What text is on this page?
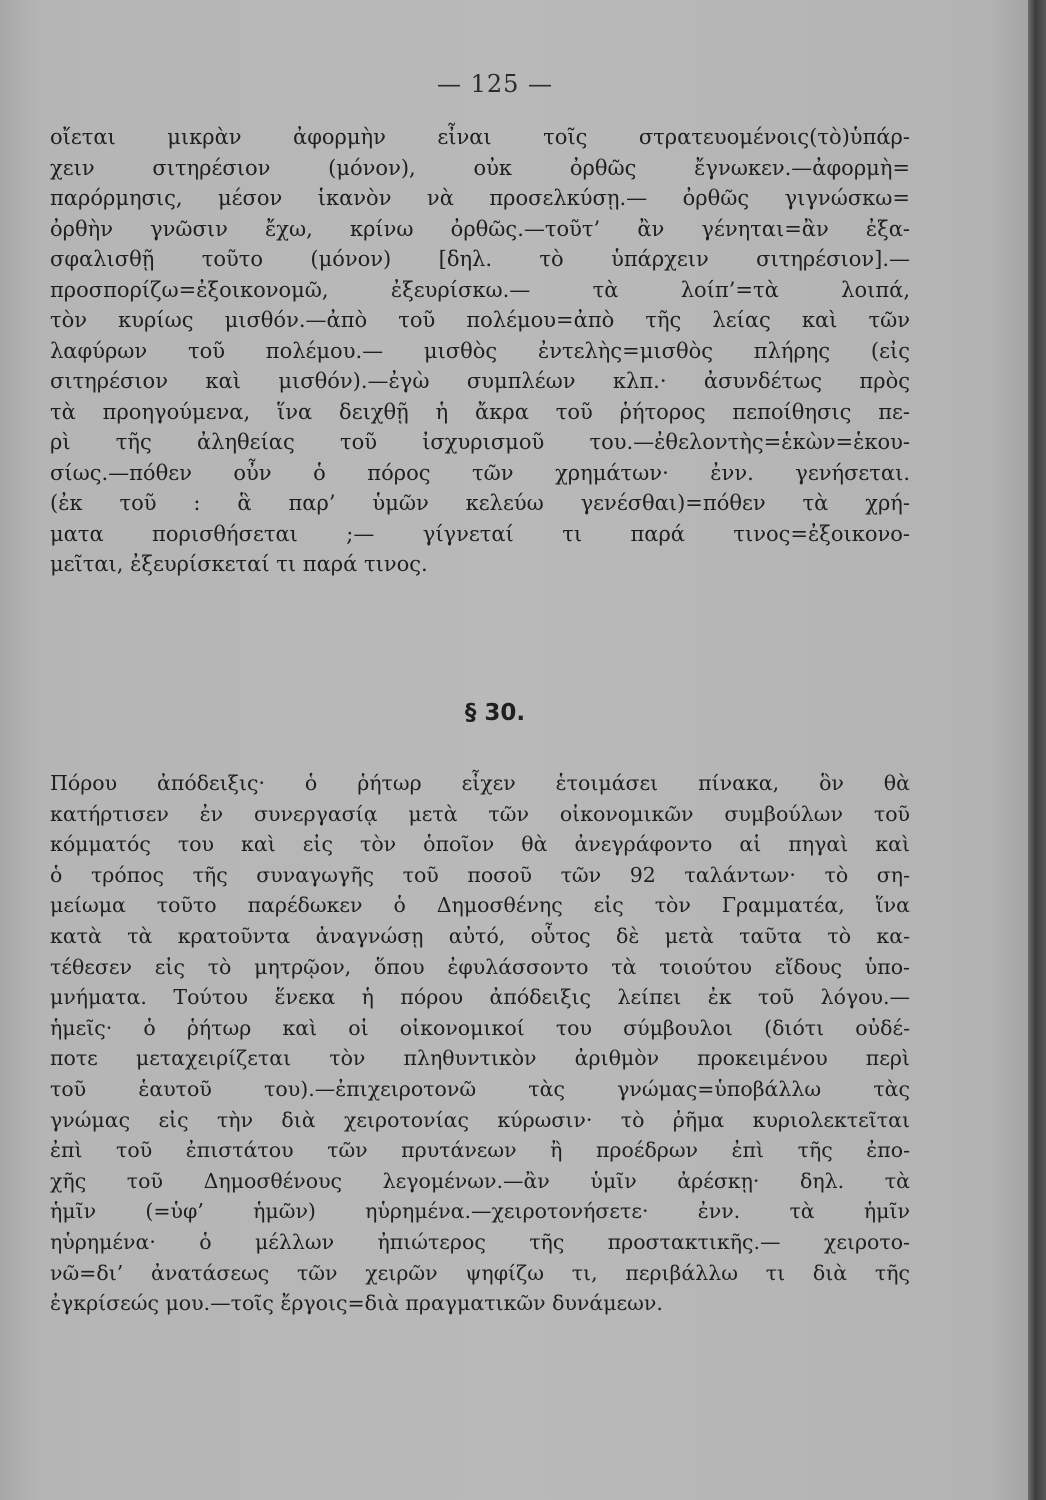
— 125 —
οἴεται μικρὰν ἀφορμὴν εἶναι τοῖς στρατευομένοις(τὸ)ὑπάρ-
χειν σιτηρέσιον (μόνον), οὐκ ὀρθῶς ἔγνωκεν.—ἀφορμὴ=
παρόρμησις, μέσον ἱκανὸν νὰ προσελκύσῃ.— ὀρθῶς γιγνώσκω=
ὀρθὴν γνῶσιν ἔχω, κρίνω ὀρθῶς.—τοῦτ’ ἂν γένηται=ἂν ἐξα-
σφαλισθῇ τοῦτο (μόνον) [δηλ. τὸ ὑπάρχειν σιτηρέσιον].—
προσπορίζω=ἐξοικονομῶ, ἐξευρίσκω.— τὰ λοίπ’=τὰ λοιπά,
τὸν κυρίως μισθόν.—ἀπὸ τοῦ πολέμου=ἀπὸ τῆς λείας καὶ τῶν
λαφύρων τοῦ πολέμου.— μισθὸς ἐντελὴς=μισθὸς πλήρης (εἰς
σιτηρέσιον καὶ μισθόν).—ἐγὼ συμπλέων κλπ.· ἀσυνδέτως πρὸς
τὰ προηγούμενα, ἵνα δειχθῇ ἡ ἄκρα τοῦ ῥήτορος πεποίθησις πε-
ρὶ τῆς ἀληθείας τοῦ ἰσχυρισμοῦ του.—ἐθελοντὴς=ἑκὼν=ἑκου-
σίως.—πόθεν οὖν ὁ πόρος τῶν χρημάτων· ἐνν. γενήσεται.
(ἐκ τοῦ : ἃ παρ’ ὑμῶν κελεύω γενέσθαι)=πόθεν τὰ χρή-
ματα πορισθήσεται ;— γίγνεταί τι παρά τινος=ἐξοικονο-
μεῖται, ἐξευρίσκεταί τι παρά τινος.
§ 30.
Πόρου ἀπόδειξις· ὁ ῥήτωρ εἶχεν ἑτοιμάσει πίνακα, ὃν θὰ
κατήρτισεν ἐν συνεργασίᾳ μετὰ τῶν οἰκονομικῶν συμβούλων τοῦ
κόμματός του καὶ εἰς τὸν ὁποῖον θὰ ἀνεγράφοντο αἱ πηγαὶ καὶ
ὁ τρόπος τῆς συναγωγῆς τοῦ ποσοῦ τῶν 92 ταλάντων· τὸ ση-
μείωμα τοῦτο παρέδωκεν ὁ Δημοσθένης εἰς τὸν Γραμματέα, ἵνα
κατὰ τὰ κρατοῦντα ἀναγνώσῃ αὐτό, οὗτος δὲ μετὰ ταῦτα τὸ κα-
τέθεσεν εἰς τὸ μητρῷον, ὅπου ἐφυλάσσοντο τὰ τοιούτου εἴδους ὑπο-
μνήματα. Τούτου ἕνεκα ἡ πόρου ἀπόδειξις λείπει ἐκ τοῦ λόγου.—
ἡμεῖς· ὁ ῥήτωρ καὶ οἱ οἰκονομικοί του σύμβουλοι (διότι οὐδέ-
ποτε μεταχειρίζεται τὸν πληθυντικὸν ἀριθμὸν προκειμένου περὶ
τοῦ ἑαυτοῦ του).—ἐπιχειροτονῶ τὰς γνώμας=ὑποβάλλω τὰς
γνώμας εἰς τὴν διὰ χειροτονίας κύρωσιν· τὸ ῥῆμα κυριολεκτεῖται
ἐπὶ τοῦ ἐπιστάτου τῶν πρυτάνεων ἢ προέδρων ἐπὶ τῆς ἐπο-
χῆς τοῦ Δημοσθένους λεγομένων.—ἂν ὑμῖν ἀρέσκῃ· δηλ. τὰ
ἡμῖν (=ὑφ’ ἡμῶν) ηὑρημένα.—χειροτονήσετε· ἐνν. τὰ ἡμῖν
ηὑρημένα· ὁ μέλλων ἠπιώτερος τῆς προστακτικῆς.— χειροτο-
νῶ=δι’ ἀνατάσεως τῶν χειρῶν ψηφίζω τι, περιβάλλω τι διὰ τῆς
ἐγκρίσεώς μου.—τοῖς ἔργοις=διὰ πραγματικῶν δυνάμεων.
